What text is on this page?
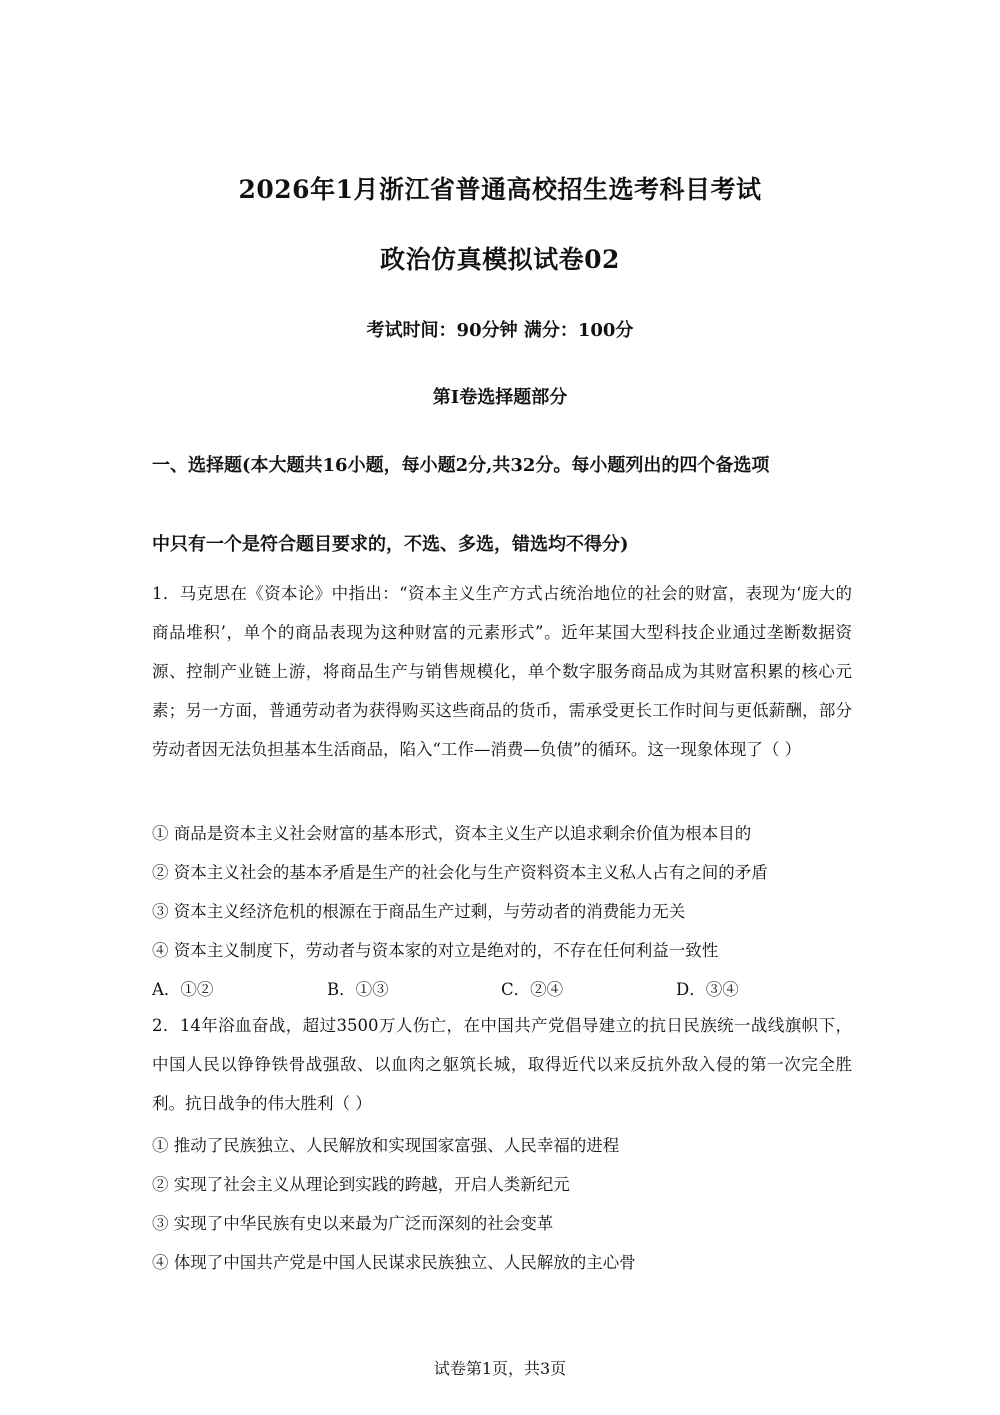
2026年1月浙江省普通高校招生选考科目考试
政治仿真模拟试卷02
考试时间：90分钟 满分：100分
第Ⅰ卷选择题部分
一、选择题(本大题共16小题，每小题2分,共32分。每小题列出的四个备选项
中只有一个是符合题目要求的，不选、多选，错选均不得分)
1．马克思在《资本论》中指出：“资本主义生产方式占统治地位的社会的财富，表现为‘庞大的商品堆积’，单个的商品表现为这种财富的元素形式”。近年某国大型科技企业通过垄断数据资源、控制产业链上游，将商品生产与销售规模化，单个数字服务商品成为其财富积累的核心元素；另一方面，普通劳动者为获得购买这些商品的货币，需承受更长工作时间与更低薪酬，部分劳动者因无法负担基本生活商品，陷入“工作—消费—负债”的循环。这一现象体现了（ ）
① 商品是资本主义社会财富的基本形式，资本主义生产以追求剩余价值为根本目的
② 资本主义社会的基本矛盾是生产的社会化与生产资料资本主义私人占有之间的矛盾
③ 资本主义经济危机的根源在于商品生产过剩，与劳动者的消费能力无关
④ 资本主义制度下，劳动者与资本家的对立是绝对的，不存在任何利益一致性
A．①②	B．①③	C．②④	D．③④
2．14年浴血奋战，超过3500万人伤亡，在中国共产党倡导建立的抗日民族统一战线旗帜下，中国人民以铮铮铁骨战强敌、以血肉之躯筑长城，取得近代以来反抗外敌入侵的第一次完全胜利。抗日战争的伟大胜利（ ）
① 推动了民族独立、人民解放和实现国家富强、人民幸福的进程
② 实现了社会主义从理论到实践的跨越，开启人类新纪元
③ 实现了中华民族有史以来最为广泛而深刻的社会变革
④ 体现了中国共产党是中国人民谋求民族独立、人民解放的主心骨
试卷第1页，共3页
